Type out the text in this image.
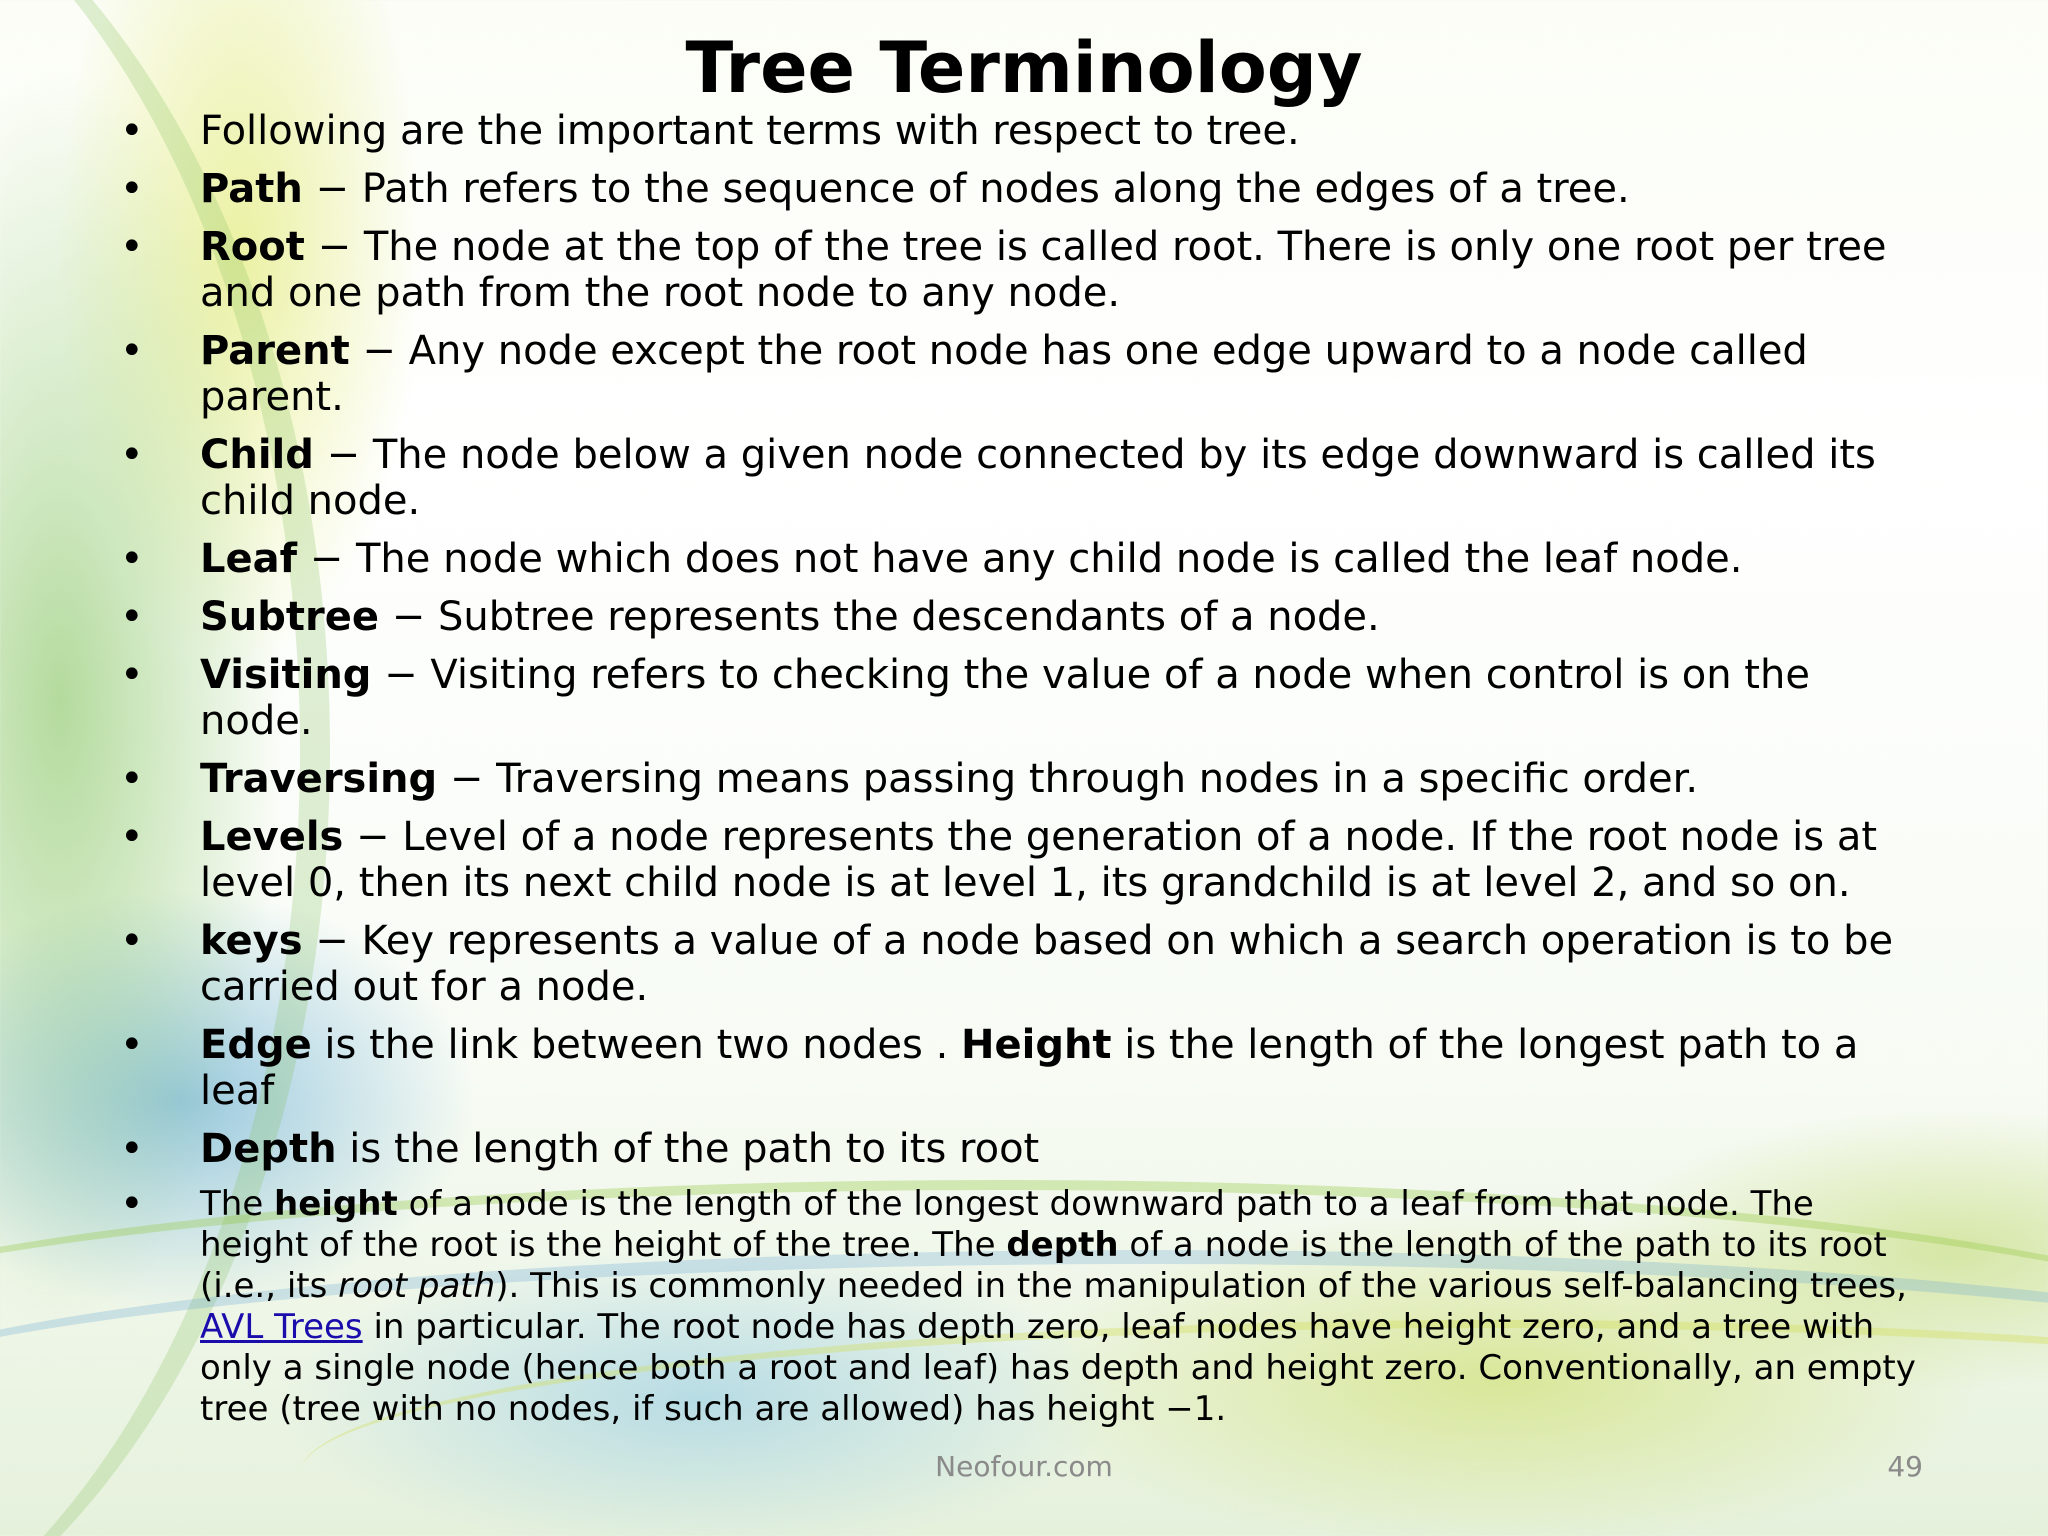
Tree Terminology
• Following are the important terms with respect to tree.
• Path − Path refers to the sequence of nodes along the edges of a tree.
• Root − The node at the top of the tree is called root. There is only one root per tree and one path from the root node to any node.
• Parent − Any node except the root node has one edge upward to a node called parent.
• Child − The node below a given node connected by its edge downward is called its child node.
• Leaf − The node which does not have any child node is called the leaf node.
• Subtree − Subtree represents the descendants of a node.
• Visiting − Visiting refers to checking the value of a node when control is on the node.
• Traversing − Traversing means passing through nodes in a specific order.
• Levels − Level of a node represents the generation of a node. If the root node is at level 0, then its next child node is at level 1, its grandchild is at level 2, and so on.
• keys − Key represents a value of a node based on which a search operation is to be carried out for a node.
• Edge is the link between two nodes . Height is the length of the longest path to a leaf
• Depth is the length of the path to its root
• The height of a node is the length of the longest downward path to a leaf from that node. The height of the root is the height of the tree. The depth of a node is the length of the path to its root (i.e., its root path). This is commonly needed in the manipulation of the various self-balancing trees, AVL Trees in particular. The root node has depth zero, leaf nodes have height zero, and a tree with only a single node (hence both a root and leaf) has depth and height zero. Conventionally, an empty tree (tree with no nodes, if such are allowed) has height −1.
Neofour.com	49
